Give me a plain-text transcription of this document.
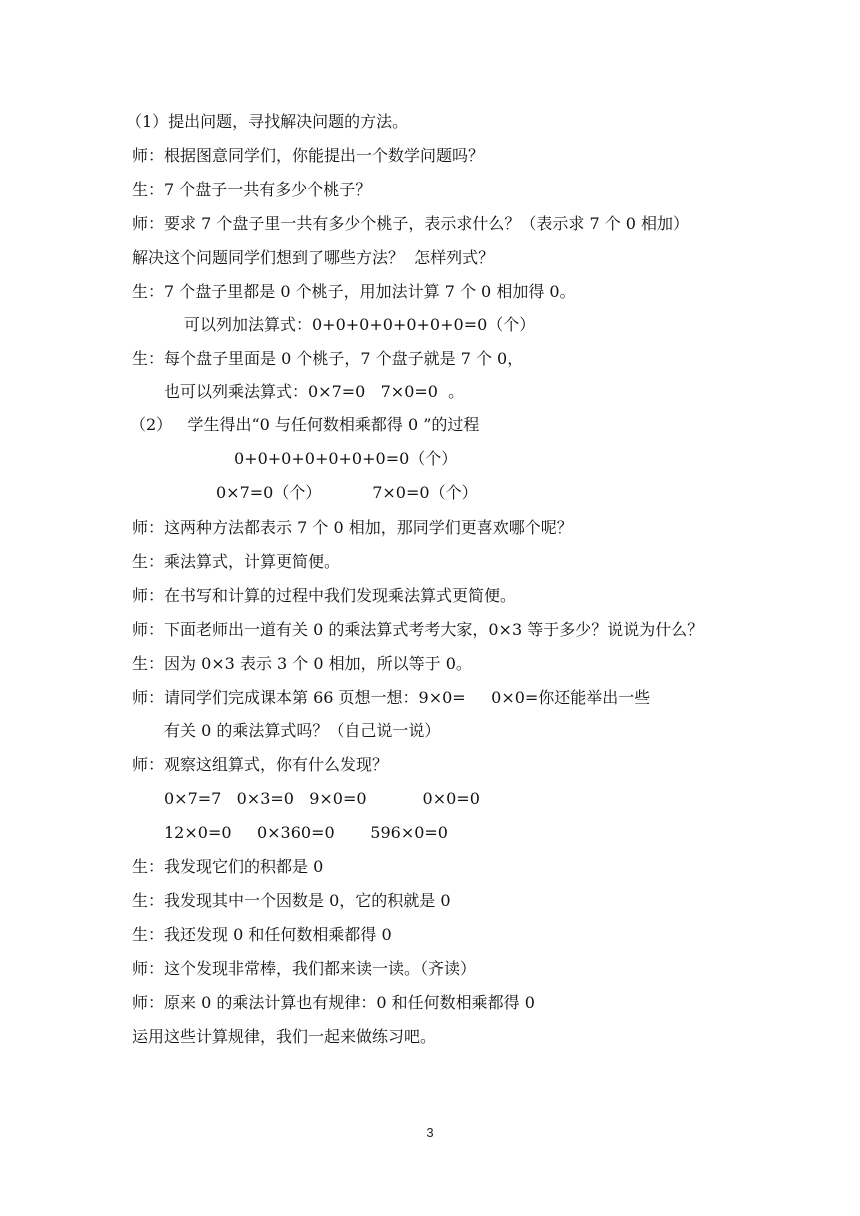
（1）提出问题，寻找解决问题的方法。
师：根据图意同学们，你能提出一个数学问题吗？
生：7 个盘子一共有多少个桃子？
师：要求 7 个盘子里一共有多少个桃子，表示求什么？（表示求 7 个 0 相加）
解决这个问题同学们想到了哪些方法？  怎样列式？
生：7 个盘子里都是 0 个桃子，用加法计算 7 个 0 相加得 0。
可以列加法算式：0+0+0+0+0+0+0=0（个）
生：每个盘子里面是 0 个桃子，7 个盘子就是 7 个 0，
也可以列乘法算式：0×7=0   7×0=0  。
（2）   学生得出“0 与任何数相乘都得 0 ”的过程
0+0+0+0+0+0+0=0（个）
0×7=0（个）          7×0=0（个）
师：这两种方法都表示 7 个 0 相加，那同学们更喜欢哪个呢？
生：乘法算式，计算更简便。
师：在书写和计算的过程中我们发现乘法算式更简便。
师：下面老师出一道有关 0 的乘法算式考考大家，0×3 等于多少？说说为什么？
生：因为 0×3 表示 3 个 0 相加，所以等于 0。
师：请同学们完成课本第 66 页想一想：9×0=     0×0=你还能举出一些
有关 0 的乘法算式吗？（自己说一说）
师：观察这组算式，你有什么发现？
0×7=7   0×3=0   9×0=0           0×0=0
12×0=0     0×360=0       596×0=0
生：我发现它们的积都是 0
生：我发现其中一个因数是 0，它的积就是 0
生：我还发现 0 和任何数相乘都得 0
师：这个发现非常棒，我们都来读一读。（齐读）
师：原来 0 的乘法计算也有规律：0 和任何数相乘都得 0
运用这些计算规律，我们一起来做练习吧。
3
